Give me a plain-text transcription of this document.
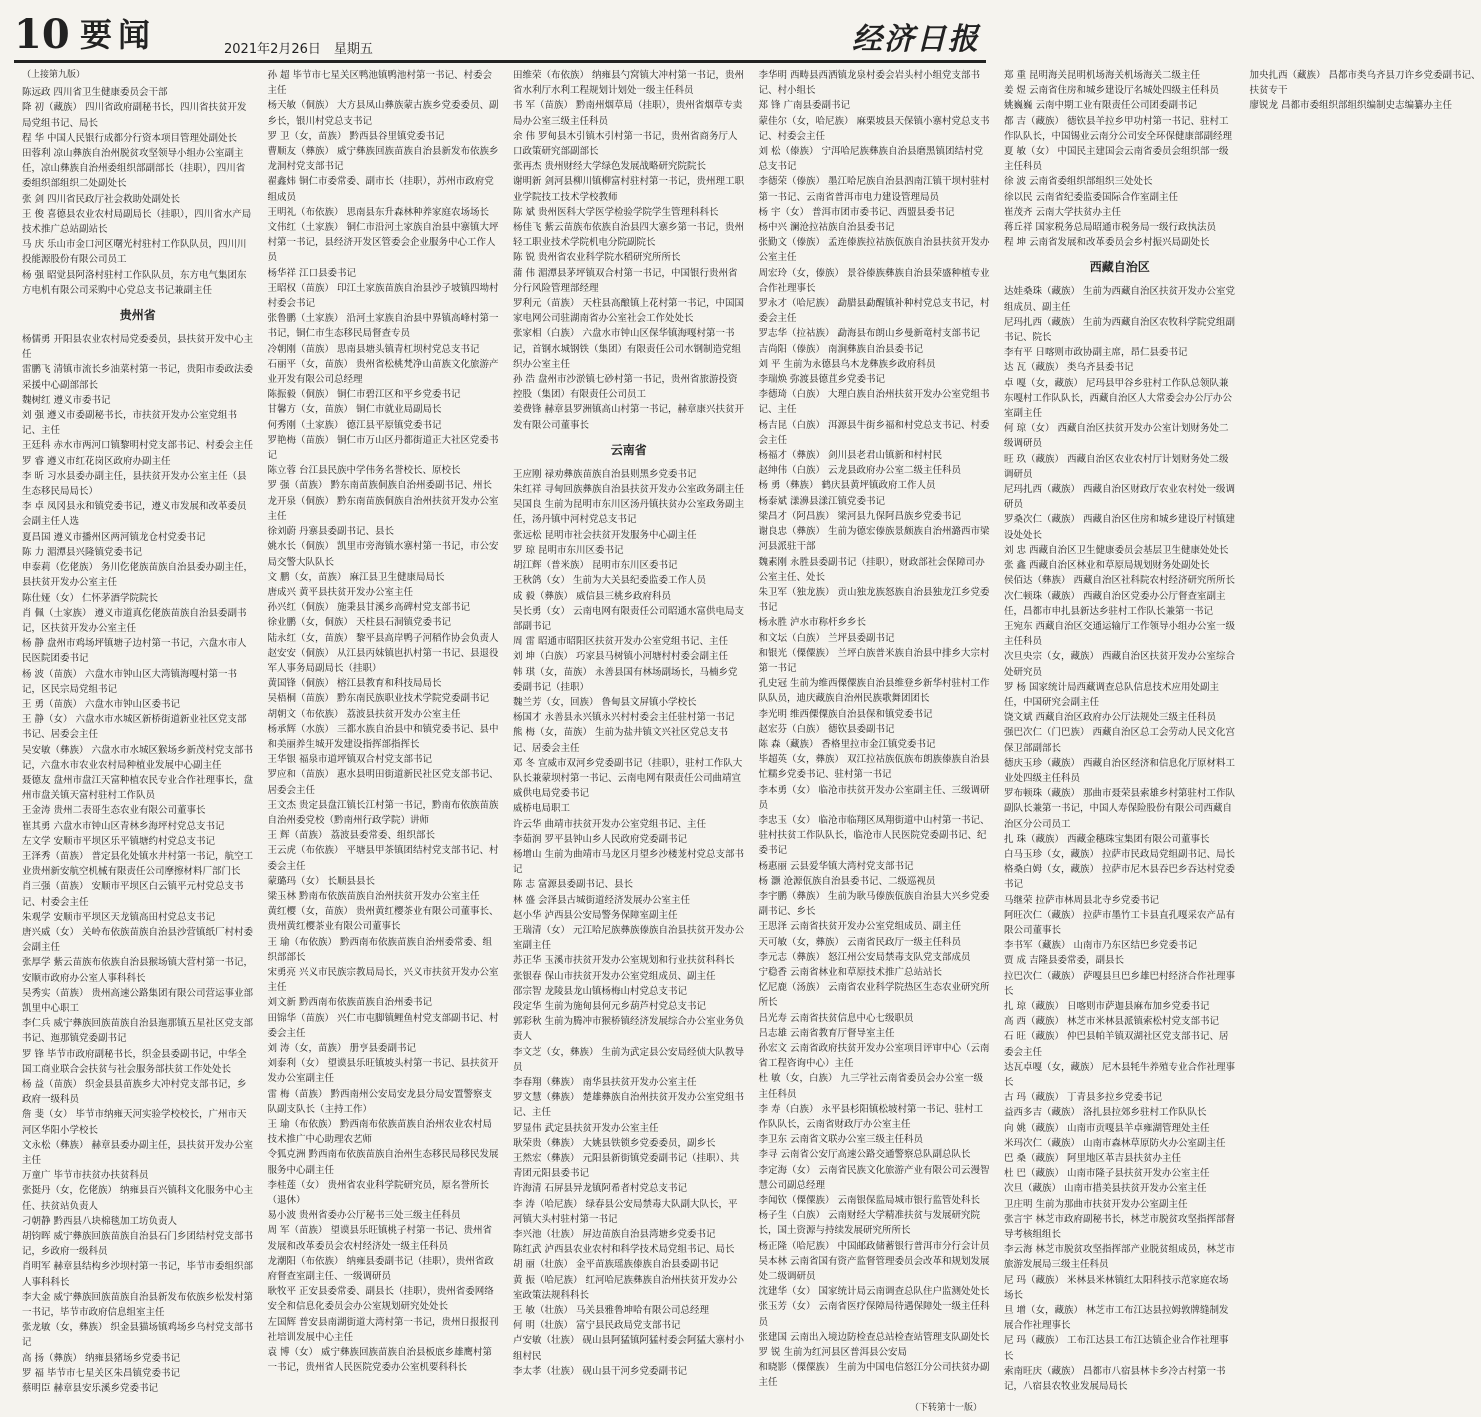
10 要闻	2021年2月26日　星期五	经济日报
（上接第九版）

陈远政 四川省卫生健康委员会干部

降 初（藏族） 四川省政府副秘书长，四川省扶贫开发局党组书记、局长

程 华 中国人民银行成都分行资本项目管理处副处长

田蓉利 凉山彝族自治州脱贫攻坚领导小组办公室副主任，凉山彝族自治州委组织部副部长（挂职），四川省委组织部组织二处副处长

张 剑 四川省民政厅社会救助处副处长

王 俊 喜德县农业农村局副局长（挂职），四川省水产局技术推广总站副站长

马 庆 乐山市金口河区曙光村驻村工作队队员，四川川投能源股份有限公司员工

杨 强 昭觉县阿洛村驻村工作队队员，东方电气集团东方电机有限公司采购中心党总支书记兼副主任

贵州省

杨儒勇 开阳县农业农村局党委委员，县扶贫开发中心主任

雷鹏飞 清镇市流长乡油菜村第一书记，贵阳市委政法委采援中心副部部长

魏树红 遵义市委书记

刘 强 遵义市委副秘书长，市扶贫开发办公室党组书记、主任

王廷科 赤水市两河口镇黎明村党支部书记、村委会主任

罗 睿 遵义市红花岗区政府办副主任

李 昕 习水县委办副主任，县扶贫开发办公室主任（县生态移民局局长）

李 卓 凤冈县永和镇党委书记，遵义市发展和改革委员会副主任人选

夏昌国 遵义市播州区两河镇龙仓村党委书记

陈 力 湄潭县兴隆镇党委书记

申泰莉（仡佬族） 务川仡佬族苗族自治县委办副主任，县扶贫开发办公室主任

陈仕娅（女） 仁怀茅酒学院院长

肖 佩（土家族） 遵义市道真仡佬族苗族自治县委副书记，区扶贫开发办公室主任

杨 静 盘州市鸡场坪镇塘子边村第一书记，六盘水市人民医院团委书记

杨 波（苗族） 六盘水市钟山区大湾镇海嘎村第一书记，区民宗局党组书记

王 勇（苗族） 六盘水市钟山区委书记

王 静（女） 六盘水市水城区新桥街道新业社区党支部书记、居委会主任

吴安敏（彝族） 六盘水市水城区猴场乡新茂村党支部书记，六盘水市农业农村局种植业发展中心副主任

聂德友 盘州市盘江天富种植农民专业合作社理事长，盘州市盘关镇天富村驻村工作队员

王金涛 贵州二表哥生态农业有限公司董事长

崔其勇 六盘水市钟山区青林乡海坪村党总支书记

左文学 安顺市平坝区乐平镇塘约村党总支书记

王泽秀（苗族） 普定县化处镇水井村第一书记，航空工业贵州新安航空机械有限责任公司摩擦材料厂部门长

肖三强（苗族） 安顺市平坝区白云镇平元村党总支书记、村委会主任

朱观学 安顺市平坝区天龙镇高田村党总支书记

唐兴威（女） 关岭布依族苗族自治县沙营镇纸厂村村委会副主任

张厚学 紫云苗族布依族自治县猴场镇大营村第一书记，安顺市政府办公室人事科科长

吴秀实（苗族） 贵州高速公路集团有限公司营运事业部凯里中心职工

李仁兵 威宁彝族回族苗族自治县迤那镇五星社区党支部书记、迤那镇党委副书记

罗 锋 毕节市政府副秘书长，织金县委副书记，中华全国工商业联合会扶贫与社会服务部扶贫工作处处长

杨 益（苗族） 织金县县苗族乡大冲村党支部书记，乡政府一级科员

詹 斐（女） 毕节市纳雍天河实验学校校长，广州市天河区华阳小学校长

文永松（彝族） 赫章县委办副主任，县扶贫开发办公室主任

万童广 毕节市扶贫办扶贫科员

张挺丹（女，仡佬族） 纳雍县百兴镇科文化服务中心主任、扶贫站负责人

刁朝静 黔西县八块棉毯加工坊负责人

胡钧晖 威宁彝族回族苗族自治县石门乡团结村党支部书记，乡政府一级科员

肖明军 赫章县结构乡沙坝村第一书记，毕节市委组织部人事科科长

李大金 威宁彝族回族苗族自治县新发布依族乡松发村第一书记，毕节市政府信息组室主任

张龙敏（女，彝族） 织金县猫场镇鸡场乡乌村党支部书记

高 扬（彝族） 纳雍县猪场乡党委书记

罗 福 毕节市七星关区朱昌镇党委书记

蔡明臣 赫章县安乐溪乡党委书记

孙 超 毕节市七星关区鸭池镇鸭池村第一书记、村委会主任

杨天敏（侗族） 大方县凤山彝族蒙古族乡党委委员、副乡长，银川村党总支书记

罗 卫（女，苗族） 黔西县谷里镇党委书记

曹顺友（彝族） 威宁彝族回族苗族自治县新发布依族乡龙洞村党支部书记

翟鑫炜 铜仁市委常委、副市长（挂职），苏州市政府党组成员

王明礼（布依族） 思南县东升森林种养家庭农场场长

文伟红（土家族） 铜仁市沿河土家族自治县中寨镇大坪村第一书记，县经济开发区管委会企业服务中心工作人员

杨华祥 江口县委书记

王昭权（苗族） 印江土家族苗族自治县沙子坡镇四坳村村委会书记

张鲁鹏（土家族） 沿河土家族自治县中界镇高峰村第一书记，铜仁市生态移民局督查专员

冷朝刚（苗族） 思南县塘头镇青杠坝村党总支书记

石丽平（女，苗族） 贵州省松桃梵净山苗族文化旅游产业开发有限公司总经理

陈振毅（侗族） 铜仁市碧江区和平乡党委书记

甘馨方（女，苗族） 铜仁市就业局副局长

何秀刚（土家族） 德江县平原镇党委书记

罗艳梅（苗族） 铜仁市万山区丹都街道正大社区党委书记

陈立蓉 台江县民族中学伟务名誉校长、原校长

罗 强（苗族） 黔东南苗族侗族自治州委副书记、州长

龙开泉（侗族） 黔东南苗族侗族自治州扶贫开发办公室主任

徐刘蔚 丹寨县委副书记、县长

姚水长（侗族） 凯里市旁海镇水寨村第一书记，市公安局交警大队队长

文 鹏（女，苗族） 麻江县卫生健康局局长

唐成兴 黄平县扶贫开发办公室主任

孙兴红（侗族） 施秉县甘溪乡高碑村党支部书记

徐业鹏（女，侗族） 天柱县石洞镇党委书记

陆永红（女，苗族） 黎平县高岸鸭子河稻作协会负责人

赵安安（侗族） 从江县丙妹镇岜扒村第一书记、县退役军人事务局副局长（挂职）

黄国锋（侗族） 榕江县教育和科技局局长

吴梧桐（苗族） 黔东南民族职业技术学院党委副书记

胡朝文（布依族） 荔波县扶贫开发办公室主任

杨承辉（水族） 三都水族自治县中和镇党委书记、县中和美丽养生城开发建设指挥部指挥长

王华银 福泉市道坪镇双合村党支部书记

罗应和（苗族） 惠水县明田街道新民社区党支部书记、居委会主任

王文杰 贵定县盘江镇长江村第一书记，黔南布依族苗族自治州委党校（黔南州行政学院）讲师

王 辉（苗族） 荔波县委常委、组织部长

王云虎（布依族） 平塘县甲茶镇团结村党支部书记、村委会主任

蒙璐玛（女） 长顺县县长

梁玉林 黔南布依族苗族自治州扶贫开发办公室主任

黄红樱（女，苗族） 贵州黄红樱茶业有限公司董事长、贵州黄红樱茶业有限公司董事长

王 瑜（布依族） 黔西南布依族苗族自治州委常委、组织部部长

宋勇亮 兴义市民族宗教局局长，兴义市扶贫开发办公室主任

刘文新 黔西南布依族苗族自治州委书记

田锦华（苗族） 兴仁市屯脚镇鲤鱼村党支部副书记、村委会主任

刘 涛（女，苗族） 册亨县委副书记

刘泰利（女） 望谟县乐旺镇坡头村第一书记、县扶贫开发办公室副主任

雷 梅（苗族） 黔西南州公安局安龙县分局安置警察支队副支队长（主持工作）

王 瑜（布依族） 黔西南布依族苗族自治州农业农村局技术推广中心助理农艺师

令狐克洲 黔西南布依族苗族自治州生态移民局移民发展服务中心副主任

李桂莲（女） 贵州省农业科学院研究员，原名誉所长（退休）

易小波 贵州省委办公厅秘书三处三级主任科员

周 军（苗族） 望谟县乐旺镇桃子村第一书记、贵州省发展和改革委员会农村经济处一级主任科员

龙潮阳（布依族） 纳雍县委副书记（挂职），贵州省政府督查室副主任、一级调研员

耿牧平 正安县委常委、副县长（挂职），贵州省委网络安全和信息化委员会办公室规划研究处处长

左国辉 普安县南湖街道大湾村第一书记，贵州日报报刊社培训发展中心主任

袁 博（女） 威宁彝族回族苗族自治县板底乡雄鹰村第一书记，贵州省人民医院党委办公室机要科科长

田维荣（布依族） 纳雍县勺窝镇大冲村第一书记，贵州省水利厅水利工程规划计划处一级主任科员

书 军（苗族） 黔南州烟草局（挂职），贵州省烟草专卖局办公室三级主任科员

余 伟 罗甸县木引镇木引村第一书记，贵州省商务厅人口政策研究部副部长

张再杰 贵州财经大学绿色发展战略研究院院长

谢明新 剑河县柳川镇柳富村驻村第一书记，贵州理工职业学院技工技术学校教师

陈 斌 贵州医科大学医学检验学院学生管理科科长

杨佳飞 紫云苗族布依族自治县四大寨乡第一书记，贵州轻工职业技术学院机电分院副院长

陈 锐 贵州省农业科学院水稻研究所所长

蒲 伟 湄潭县茅坪镇双合村第一书记，中国银行贵州省分行风险管理部经理

罗利元（苗族） 天柱县高酿镇上花村第一书记，中国国家电网公司驻湖南省办公室社会工作处处长

张家相（白族） 六盘水市钟山区保华镇海嘎村第一书记，首钢水城钢铁（集团）有限责任公司水钢制造党组织办公室主任

孙 浩 盘州市沙淤镇七砂村第一书记，贵州省旅游投资控股（集团）有限责任公司员工

姜费锋 赫章县罗洲镇高山村第一书记，赫章康兴扶贫开发有限公司董事长

云南省

王应刚 禄劝彝族苗族自治县则黑乡党委书记

朱红祥 寻甸回族彝族自治县扶贫开发办公室政务副主任

吴国良 生前为昆明市东川区汤丹镇扶贫办公室政务副主任，汤丹镇中河村党总支书记

张远松 昆明市社会扶贫开发服务中心副主任

罗 琼 昆明市东川区委书记

胡江辉（普米族） 昆明市东川区委书记

王秋鸽（女） 生前为大关县纪委监委工作人员

成 毅（彝族） 威信县三桃乡政府科员

吴长勇（女） 云南电网有限责任公司昭通水富供电局支部副书记

周 雷 昭通市昭阳区扶贫开发办公室党组书记、主任

刘 坤（白族） 巧家县马树镇小河塘村村委会副主任

韩 琪（女，苗族） 永善县国有林场副场长，马楠乡党委副书记（挂职）

魏兰芳（女，回族） 鲁甸县文屏镇小学校长

杨国才 永善县永兴镇永兴村村委会主任驻村第一书记

熊 梅（女，苗族） 生前为盐井镇文兴社区党总支书记、居委会主任

邓 冬 宣威市双河乡党委副书记（挂职），驻村工作队大队长兼蒙坝村第一书记、云南电网有限责任公司曲靖宣威供电局党委书记

威桥电局职工

许云华 曲靖市扶贫开发办公室党组书记、主任

李茹润 罗平县钟山乡人民政府党委副书记

杨增山 生前为曲靖市马龙区月望乡沙楼茏村党总支部书记

陈 志 富源县委副书记、县长

林 盛 会泽县古城街道经济发展办公室主任

赵小华 泸西县公安局警务保障室副主任

王瑞清（女） 元江哈尼族彝族傣族自治县扶贫开发办公室副主任

苏正华 玉溪市扶贫开发办公室规划和行业扶贫科科长

张银春 保山市扶贫开发办公室党组成员、副主任

邵宗智 龙陵县龙山镇杨梅山村党总支书记

段定华 生前为施甸县何元乡葫芦村党总支书记

郭彩秋 生前为腾冲市猴桥镇经济发展综合办公室业务负责人

李文芝（女，彝族） 生前为武定县公安局经侦大队教导员

李春翔（彝族） 南华县扶贫开发办公室主任

罗文慧（彝族） 楚雄彝族自治州扶贫开发办公室党组书记、主任

罗显伟 武定县扶贫开发办公室主任

耿荣贵（彝族） 大姚县铁锁乡党委委员，副乡长

王然宏（彝族） 元阳县新街镇党委副书记（挂职）、共青团元阳县委书记

许海清 石屏县异龙镇阿希者村党总支书记

李 涛（哈尼族） 绿春县公安局禁毒大队副大队长，平河镇大头村驻村第一书记

李兴池（壮族） 屏边苗族自治县湾塘乡党委书记

陈红武 泸西县农业农村和科学技术局党组书记、局长

胡 丽（壮族） 金平苗族瑶族傣族自治县委副书记

黄 振（哈尼族） 红河哈尼族彝族自治州扶贫开发办公室政策法规科科长

王 敏（壮族） 马关县雅鲁坤哈有限公司总经理

何 明（壮族） 富宁县民政局党支部书记

卢安敏（壮族） 砚山县阿猛镇阿猛村委会阿猛大寨村小组村民

李太孝（壮族） 砚山县干河乡党委副书记

李华明 西畴县西洒镇龙泉村委会岩头村小组党支部书记、村小组长

郑 锋 广南县委副书记

蒙佳尔（女，哈尼族） 麻栗坡县天保镇小寨村党总支书记、村委会主任

刘 松（傣族） 宁洱哈尼族彝族自治县磨黑镇团结村党总支书记

李德荣（傣族） 墨江哈尼族自治县泗南江镇干坝村驻村第一书记、云南省普洱市电力建设管理局员

杨 宇（女） 普洱市团市委书记、西盟县委书记

杨中兴 澜沧拉祜族自治县委书记

张勤文（傣族） 孟连傣族拉祜族佤族自治县扶贫开发办公室主任

周宏玲（女，傣族） 景谷傣族彝族自治县荣盛种植专业合作社理事长

罗永才（哈尼族） 勐腊县勐醒镇补种村党总支书记，村委会主任

罗志华（拉祜族） 勐海县布朗山乡曼新竜村支部书记

吉尚阳（傣族） 南涧彝族自治县委书记

刘 平 生前为永德县乌木龙彝族乡政府科员

李瑞焕 弥渡县德苴乡党委书记

李德琦（白族） 大理白族自治州扶贫开发办公室党组书记、主任

杨吉昆（白族） 洱源县牛街乡福和村党总支书记、村委会主任

杨福才（彝族） 剑川县老君山镇新和村村民

赵绅伟（白族） 云龙县政府办公室二级主任科员

杨 勇（彝族） 鹤庆县黄坪镇政府工作人员

杨泰斌 漾濞县漾江镇党委书记

梁昌才（阿昌族） 梁河县九保阿昌族乡党委书记

谢良忠（彝族） 生前为德宏傣族景颇族自治州潞西市梁河县派驻干部

魏素刚 永胜县委副书记（挂职），财政部社会保障司办公室主任、处长

朱卫军（独龙族） 贡山独龙族怒族自治县独龙江乡党委书记

杨永胜 泸水市称杆乡乡长

和文坛（白族） 兰坪县委副书记

和银光（傈僳族） 兰坪白族普米族自治县中排乡大宗村第一书记

孔史冠 生前为维西傈僳族自治县维登乡新华村驻村工作队队员，迪庆藏族自治州民族歌舞团团长

李光明 维西傈僳族自治县保和镇党委书记

赵宏芬（白族） 德钦县委副书记

陈 森（藏族） 香格里拉市金江镇党委书记

毕超英（女，彝族） 双江拉祜族佤族布朗族傣族自治县忙糯乡党委书记、驻村第一书记

李本勇（女） 临沧市扶贫开发办公室副主任、三级调研员

李忠玉（女） 临沧市临翔区凤翔街道中山村第一书记、驻村扶贫工作队队长，临沧市人民医院党委副书记、纪委书记

杨惠丽 云县爱华镇大湾村党支部书记

杨 灏 沧源佤族自治县委书记、二级巡视员

李宇鹏（彝族） 生前为耿马傣族佤族自治县大兴乡党委副书记、乡长

王思泽 云南省扶贫开发办公室党组成员、副主任

天可敏（女，彝族） 云南省民政厅一级主任科员

李元志（彝族） 怒江州公安局禁毒支队党支部成员

宁稳香 云南省林业和草原技术推广总站站长

忆尼鹿（汤族） 云南省农业科学院热区生态农业研究所所长

吕光寿 云南省扶贫信息中心七级职员

吕志雄 云南省教育厅督导室主任

孙宏文 云南省政府扶贫开发办公室项目评审中心（云南省工程咨询中心）主任

杜 敏（女，白族） 九三学社云南省委员会办公室一级主任科员

李 寿（白族） 永平县杉阳镇松坡村第一书记、驻村工作队队长，云南省财政厅办公室主任

李卫东 云南省文联办公室三级主任科员

李寻 云南省公安厅高速公路交通警察总队副总队长

李定海（女） 云南省民族文化旅游产业有限公司云漫智慧公司副总经理

李闻钦（傈僳族） 云南银保监局城市银行监管处科长

杨子生（白族） 云南财经大学精准扶贫与发展研究院长，国土资源与持续发展研究所所长

杨正隆（哈尼族） 中国邮政储蓄银行普洱市分行会计员

吴本林 云南省国有资产监督管理委员会改革和规划发展处二级调研员

沈建华（女） 国家统计局云南调查总队住户监测处处长

张玉芳（女） 云南省医疗保障局待遇保障处一级主任科员

张建国 云南出入境边防检查总站检查站管理支队副处长

罗 锐 生前为红河县区普洱县公安局

和晓影（傈僳族） 生前为中国电信怒江分公司扶贫办副主任

郑 重 昆明海关昆明机场海关机场海关二级主任

姜 煜 云南省住房和城乡建设厅名城处四级主任科员

姚巍巍 云南中期工业有限责任公司团委副书记

都 吉（藏族） 德钦县羊拉乡甲功村第一书记、驻村工作队队长，中国锡业云南分公司安全环保健康部副经理

夏 敏（女） 中国民主建国会云南省委员会组织部一级主任科员

徐 波 云南省委组织部组织三处处长

徐以民 云南省纪委监委国际合作室副主任

崔茂齐 云南大学扶贫办主任

蒋丘祥 国家税务总局昭通市税务局一级行政执法员

程 坤 云南省发展和改革委员会乡村振兴局副处长

西藏自治区

达娃桑珠（藏族） 生前为西藏自治区扶贫开发办公室党组成员、副主任

尼玛扎西（藏族） 生前为西藏自治区农牧科学院党组副书记、院长

李有平 日喀则市政协副主席，昂仁县委书记

达 瓦（藏族） 类乌齐县委书记

卓 嘎（女，藏族） 尼玛县甲谷乡驻村工作队总领队兼东嘎村工作队队长，西藏自治区人大常委会办公厅办公室副主任

何 琼（女） 西藏自治区扶贫开发办公室计划财务处二级调研员

旺 玖（藏族） 西藏自治区农业农村厅计划财务处二级调研员

尼玛扎西（藏族） 西藏自治区财政厅农业农村处一级调研员

罗桑次仁（藏族） 西藏自治区住房和城乡建设厅村镇建设处处长

刘 忠 西藏自治区卫生健康委员会基层卫生健康处处长

张 鑫 西藏自治区林业和草原局规划财务处副处长

侯佰达（彝族） 西藏自治区社科院农村经济研究所所长

次仁顿珠（藏族） 西藏自治区党委办公厅督查室副主任，昌都市申扎县新达乡驻村工作队长兼第一书记

王宛东 西藏自治区交通运输厅工作领导小组办公室一级主任科员

次旦央宗（女，藏族） 西藏自治区扶贫开发办公室综合处研究员

罗 杨 国家统计局西藏调查总队信息技术应用处副主任，中国研究会副主任

饶文斌 西藏自治区政府办公厅法规处三级主任科员

强巴次仁（门巴族） 西藏自治区总工会劳动人民文化宫保卫部副部长

德庆玉珍（藏族） 西藏自治区经济和信息化厅原材料工业处四级主任科员

罗布顿珠（藏族） 那曲市聂荣县索雄乡村第驻村工作队副队长兼第一书记，中国人寿保险股份有限公司西藏自治区分公司员工

扎 珠（藏族） 西藏金穗珠宝集团有限公司董事长

白马玉珍（女，藏族） 拉萨市民政局党组副书记、局长

格桑白姆（女，藏族） 拉萨市尼木县吞巴乡吞达村党委书记

马继荣 拉萨市林周县北寺乡党委书记

阿旺次仁（藏族） 拉萨市墨竹工卡县直孔嘎采农产品有限公司董事长

李书军（藏族） 山南市乃东区结巴乡党委书记

贾 成 吉隆县委常委，副县长

拉巴次仁（藏族） 萨嘎县旦巴乡雄巴村经济合作社理事长

扎 琼（藏族） 日喀则市萨迦县麻布加乡党委书记

高 西（藏族） 林芝市米林县派镇索松村党支部书记

石 旺（藏族） 仲巴县帕羊镇双湖社区党支部书记、居委会主任

达瓦卓嘎（女，藏族） 尼木县牦牛养殖专业合作社理事长

古 玛（藏族） 丁青县多拉乡党委书记

益西多吉（藏族） 洛扎县拉郊乡驻村工作队队长

向 姚（藏族） 山南市贡嘎县羊卓雍湖管理处主任

米玛次仁（藏族） 山南市森林草原防火办公室副主任

巴 桑（藏族） 阿里地区革吉县扶贫办主任

杜 巴（藏族） 山南市隆子县扶贫开发办公室主任

次旦（藏族） 山南市措美县扶贫开发办公室主任

卫庄明 生前为那曲市扶贫开发办公室副主任

张言宇 林芝市政府副秘书长，林芝市脱贫攻坚指挥部督导考核组组长

李云海 林芝市脱贫攻坚指挥部产业脱贫组成员，林芝市旅游发展局三级主任科员

尼 玛（藏族） 米林县米林镇红太阳科技示范家庭农场场长

旦 增（女，藏族） 林芝市工布江达县拉姆敦牌缝制发展合作社理事长

尼 玛（藏族） 工布江达县工布江达镇企业合作社理事长

索南旺庆（藏族） 昌都市八宿县林卡乡冷古村第一书记，八宿县农牧业发展局局长

加央扎西（藏族） 昌都市类乌齐县刀许乡党委副书记、扶贫专干

廖锐龙 昌都市委组织部组织编制史志编纂办主任

（下转第十一版）
